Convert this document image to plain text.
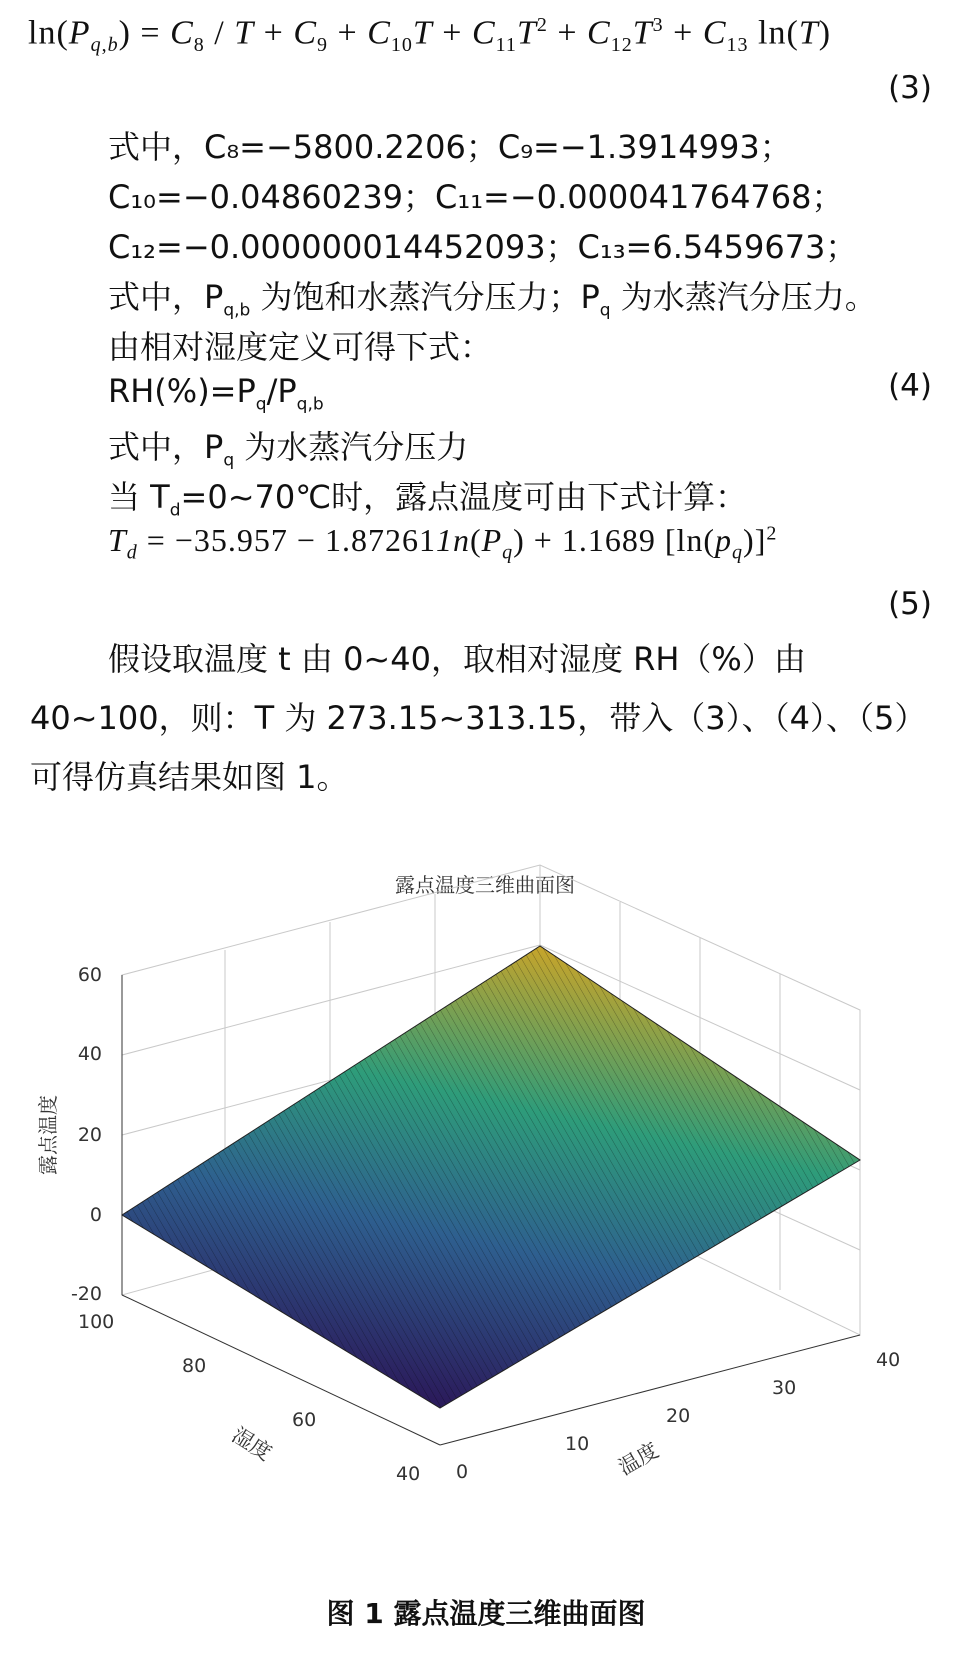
$\ln(P_{q,b}) = C_8 / T + C_9 + C_{10}T + C_{11}T^2 + C_{12}T^3 + C_{13}$ ln(T)
(3)
式中，C₈=−5800.2206；C₉=−1.3914993；
C₁₀=−0.04860239；C₁₁=−0.000041764768；
C₁₂=−0.000000014452093；C₁₃=6.5459673；
式中，$P_{q,b}$ 为饱和水蒸汽分压力；$P_q$ 为水蒸汽分压力。
由相对湿度定义可得下式：
$RH(\%)=P_q/P_{q,b}$
(4)
式中，$P_q$ 为水蒸汽分压力
当 $T_d=0\sim 70℃$时，露点温度可由下式计算：
$T_d = -35.957 - 1.872611n(P_q) + 1.1689$ $[\ln(p_q)]^2$
(5)
假设取温度 t 由 0~40，取相对湿度 RH（%）由 40~100，则：T 为 273.15~313.15，带入（3）、（4）、（5）可得仿真结果如图 1。
露点温度三维曲面图
60
40
20
0
-20
露点温度
100
80
60
40
湿度
0
10
20
30
40
温度
图 1 露点温度三维曲面图
